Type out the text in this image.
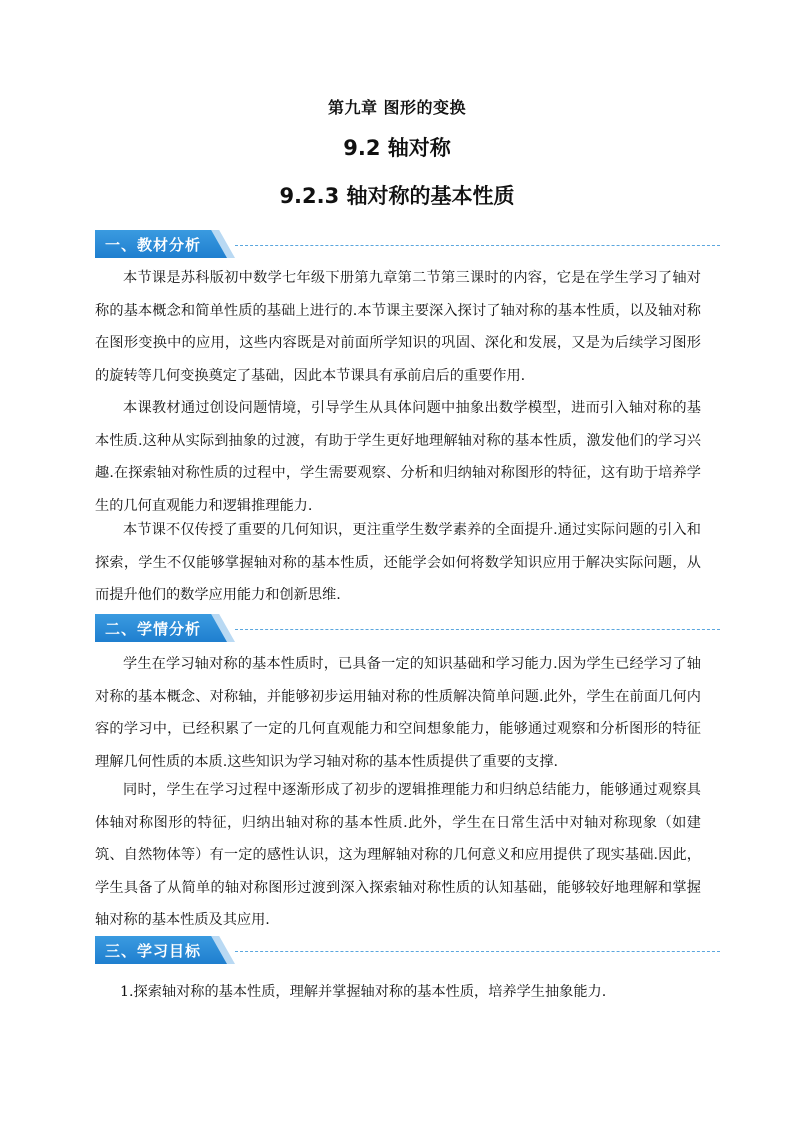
第九章 图形的变换
9.2 轴对称
9.2.3 轴对称的基本性质
一、教材分析

本节课是苏科版初中数学七年级下册第九章第二节第三课时的内容，它是在学生学习了轴对称的基本概念和简单性质的基础上进行的.本节课主要深入探讨了轴对称的基本性质，以及轴对称在图形变换中的应用，这些内容既是对前面所学知识的巩固、深化和发展，又是为后续学习图形的旋转等几何变换奠定了基础，因此本节课具有承前启后的重要作用.

本课教材通过创设问题情境，引导学生从具体问题中抽象出数学模型，进而引入轴对称的基本性质.这种从实际到抽象的过渡，有助于学生更好地理解轴对称的基本性质，激发他们的学习兴趣.在探索轴对称性质的过程中，学生需要观察、分析和归纳轴对称图形的特征，这有助于培养学生的几何直观能力和逻辑推理能力.

本节课不仅传授了重要的几何知识，更注重学生数学素养的全面提升.通过实际问题的引入和探索，学生不仅能够掌握轴对称的基本性质，还能学会如何将数学知识应用于解决实际问题，从而提升他们的数学应用能力和创新思维.

二、学情分析

学生在学习轴对称的基本性质时，已具备一定的知识基础和学习能力.因为学生已经学习了轴对称的基本概念、对称轴，并能够初步运用轴对称的性质解决简单问题.此外，学生在前面几何内容的学习中，已经积累了一定的几何直观能力和空间想象能力，能够通过观察和分析图形的特征理解几何性质的本质.这些知识为学习轴对称的基本性质提供了重要的支撑.

同时，学生在学习过程中逐渐形成了初步的逻辑推理能力和归纳总结能力，能够通过观察具体轴对称图形的特征，归纳出轴对称的基本性质.此外，学生在日常生活中对轴对称现象（如建筑、自然物体等）有一定的感性认识，这为理解轴对称的几何意义和应用提供了现实基础.因此，学生具备了从简单的轴对称图形过渡到深入探索轴对称性质的认知基础，能够较好地理解和掌握轴对称的基本性质及其应用.

三、学习目标
1.探索轴对称的基本性质，理解并掌握轴对称的基本性质，培养学生抽象能力.
